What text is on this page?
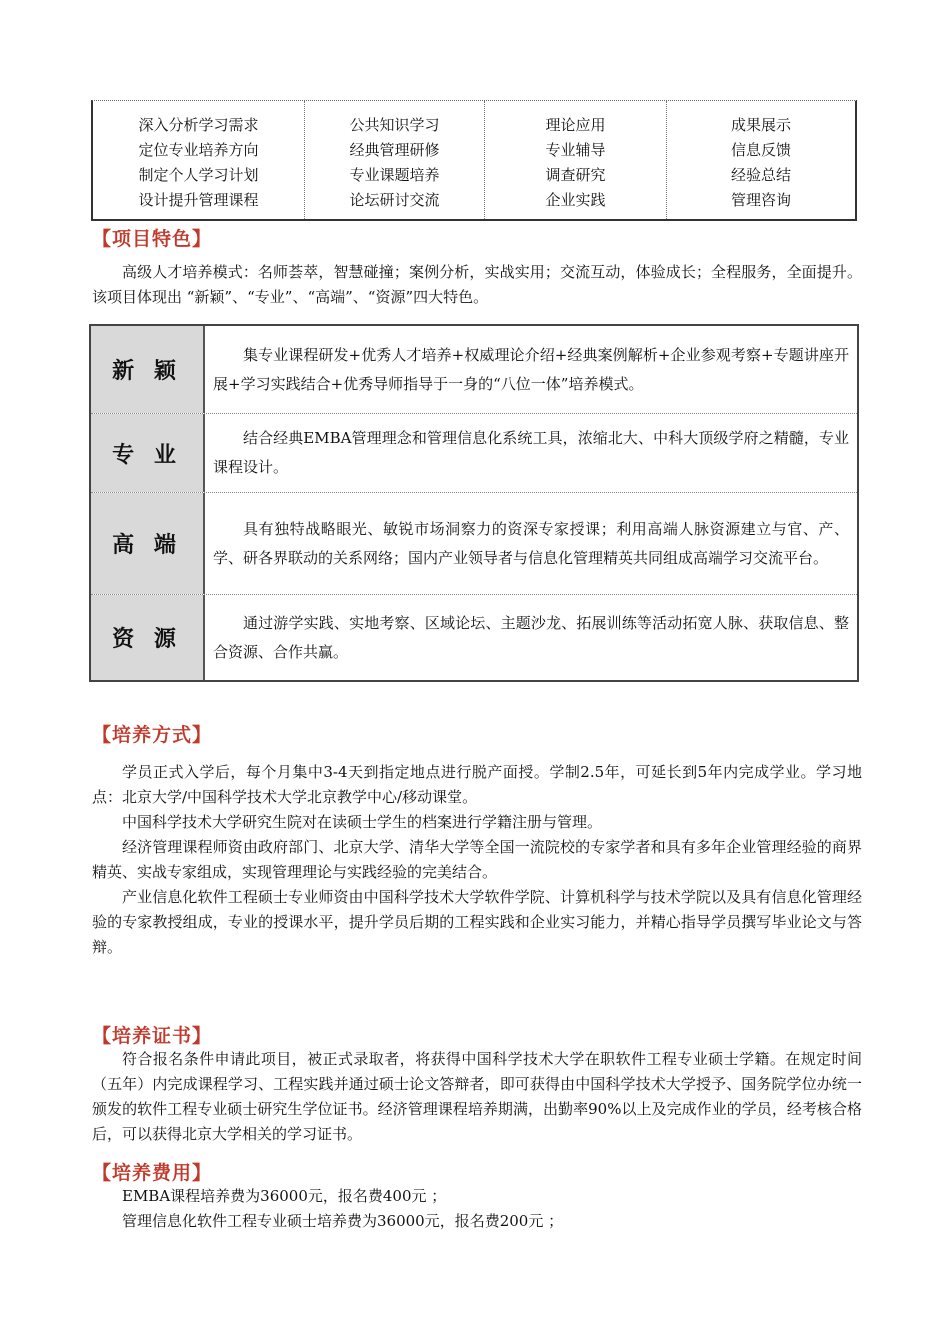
深入分析学习需求
定位专业培养方向
制定个人学习计划
设计提升管理课程
公共知识学习
经典管理研修
专业课题培养
论坛研讨交流
理论应用
专业辅导
调查研究
企业实践
成果展示
信息反馈
经验总结
管理咨询
【项目特色】

高级人才培养模式：名师荟萃，智慧碰撞；案例分析，实战实用；交流互动，体验成长；全程服务，全面提升。该项目体现出 “新颖”、“专业”、“高端”、“资源”四大特色。

新 颖
集专业课程研发+优秀人才培养+权威理论介绍+经典案例解析+企业参观考察+专题讲座开展+学习实践结合+优秀导师指导于一身的“八位一体”培养模式。
专 业
结合经典EMBA管理理念和管理信息化系统工具，浓缩北大、中科大顶级学府之精髓，专业课程设计。
高 端
具有独特战略眼光、敏锐市场洞察力的资深专家授课；利用高端人脉资源建立与官、产、学、研各界联动的关系网络；国内产业领导者与信息化管理精英共同组成高端学习交流平台。
资 源
通过游学实践、实地考察、区域论坛、主题沙龙、拓展训练等活动拓宽人脉、获取信息、整合资源、合作共赢。
【培养方式】

学员正式入学后，每个月集中3-4天到指定地点进行脱产面授。学制2.5年，可延长到5年内完成学业。学习地点：北京大学/中国科学技术大学北京教学中心/移动课堂。

中国科学技术大学研究生院对在读硕士学生的档案进行学籍注册与管理。

经济管理课程师资由政府部门、北京大学、清华大学等全国一流院校的专家学者和具有多年企业管理经验的商界精英、实战专家组成，实现管理理论与实践经验的完美结合。

产业信息化软件工程硕士专业师资由中国科学技术大学软件学院、计算机科学与技术学院以及具有信息化管理经验的专家教授组成，专业的授课水平，提升学员后期的工程实践和企业实习能力，并精心指导学员撰写毕业论文与答辩。

【培养证书】

符合报名条件申请此项目，被正式录取者，将获得中国科学技术大学在职软件工程专业硕士学籍。在规定时间（五年）内完成课程学习、工程实践并通过硕士论文答辩者，即可获得由中国科学技术大学授予、国务院学位办统一颁发的软件工程专业硕士研究生学位证书。经济管理课程培养期满，出勤率90%以上及完成作业的学员，经考核合格后，可以获得北京大学相关的学习证书。

【培养费用】

EMBA课程培养费为36000元，报名费400元 ；

管理信息化软件工程专业硕士培养费为36000元，报名费200元 ；
